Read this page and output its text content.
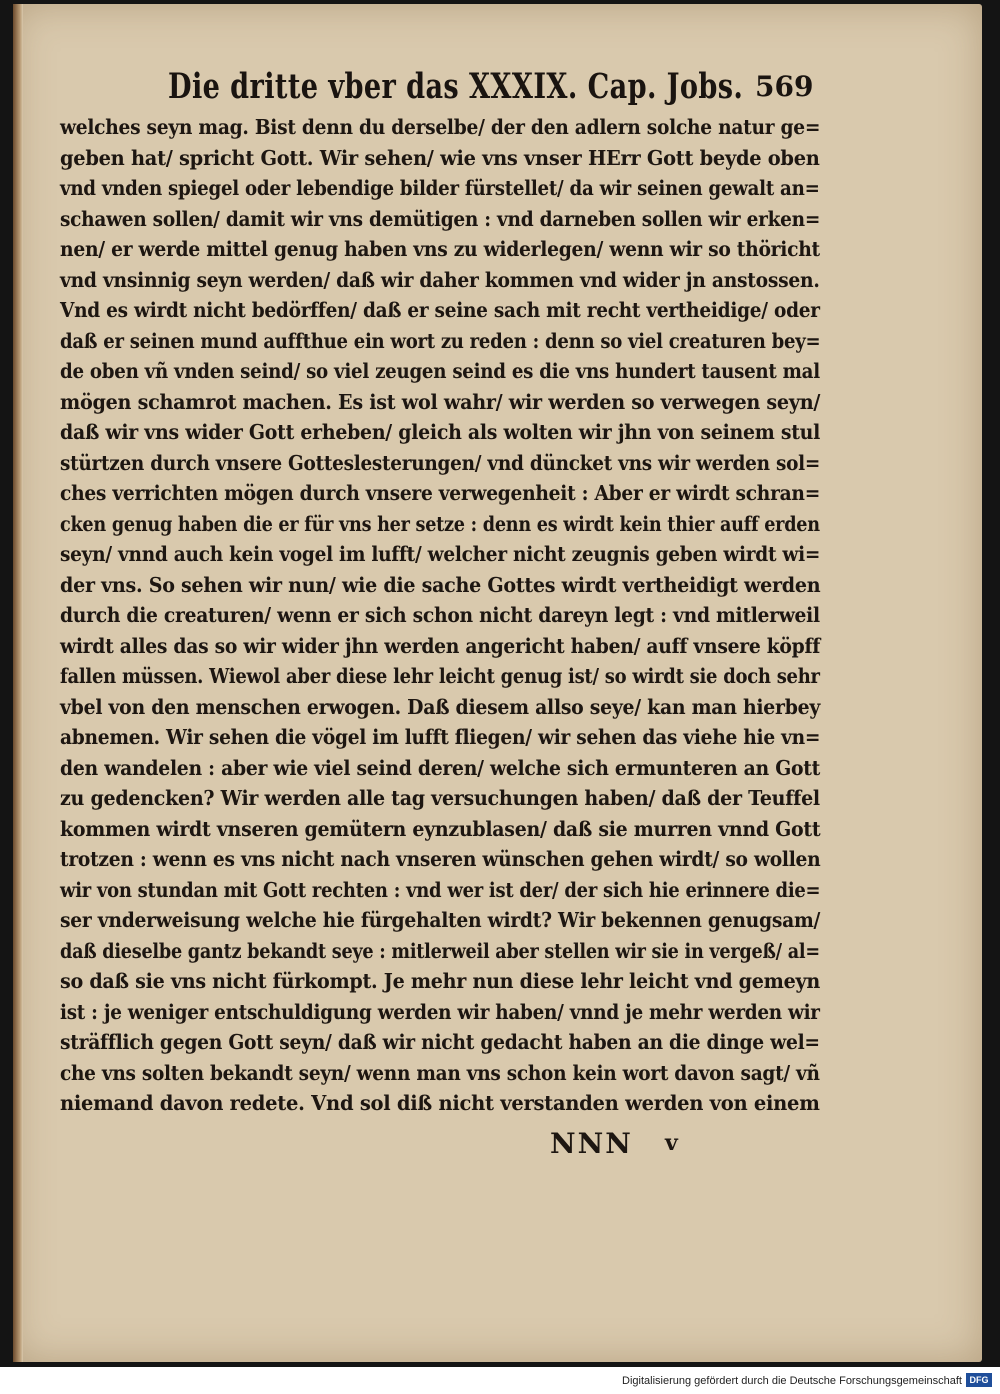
Die dritte vber das XXXIX. Cap. Jobs. 569
welches seyn mag. Bist denn du derselbe/ der den adlern solche natur ge=
geben hat/ spricht Gott. Wir sehen/ wie vns vnser HErr Gott beyde oben
vnd vnden spiegel oder lebendige bilder fürstellet/ da wir seinen gewalt an=
schawen sollen/ damit wir vns demütigen : vnd darneben sollen wir erken=
nen/ er werde mittel genug haben vns zu widerlegen/ wenn wir so thöricht
vnd vnsinnig seyn werden/ daß wir daher kommen vnd wider jn anstossen.
Vnd es wirdt nicht bedörffen/ daß er seine sach mit recht vertheidige/ oder
daß er seinen mund auffthue ein wort zu reden : denn so viel creaturen bey=
de oben vñ vnden seind/ so viel zeugen seind es die vns hundert tausent mal
mögen schamrot machen. Es ist wol wahr/ wir werden so verwegen seyn/
daß wir vns wider Gott erheben/ gleich als wolten wir jhn von seinem stul
stürtzen durch vnsere Gotteslesterungen/ vnd düncket vns wir werden sol=
ches verrichten mögen durch vnsere verwegenheit : Aber er wirdt schran=
cken genug haben die er für vns her setze : denn es wirdt kein thier auff erden
seyn/ vnnd auch kein vogel im lufft/ welcher nicht zeugnis geben wirdt wi=
der vns. So sehen wir nun/ wie die sache Gottes wirdt vertheidigt werden
durch die creaturen/ wenn er sich schon nicht dareyn legt : vnd mitlerweil
wirdt alles das so wir wider jhn werden angericht haben/ auff vnsere köpff
fallen müssen. Wiewol aber diese lehr leicht genug ist/ so wirdt sie doch sehr
vbel von den menschen erwogen. Daß diesem allso seye/ kan man hierbey
abnemen. Wir sehen die vögel im lufft fliegen/ wir sehen das viehe hie vn=
den wandelen : aber wie viel seind deren/ welche sich ermunteren an Gott
zu gedencken? Wir werden alle tag versuchungen haben/ daß der Teuffel
kommen wirdt vnseren gemütern eynzublasen/ daß sie murren vnnd Gott
trotzen : wenn es vns nicht nach vnseren wünschen gehen wirdt/ so wollen
wir von stundan mit Gott rechten : vnd wer ist der/ der sich hie erinnere die=
ser vnderweisung welche hie fürgehalten wirdt? Wir bekennen genugsam/
daß dieselbe gantz bekandt seye : mitlerweil aber stellen wir sie in vergeß/ al=
so daß sie vns nicht fürkompt. Je mehr nun diese lehr leicht vnd gemeyn
ist : je weniger entschuldigung werden wir haben/ vnnd je mehr werden wir
sträfflich gegen Gott seyn/ daß wir nicht gedacht haben an die dinge wel=
che vns solten bekandt seyn/ wenn man vns schon kein wort davon sagt/ vñ
niemand davon redete. Vnd sol diß nicht verstanden werden von einem
NNN v
Digitalisierung gefördert durch die Deutsche Forschungsgemeinschaft DFG
